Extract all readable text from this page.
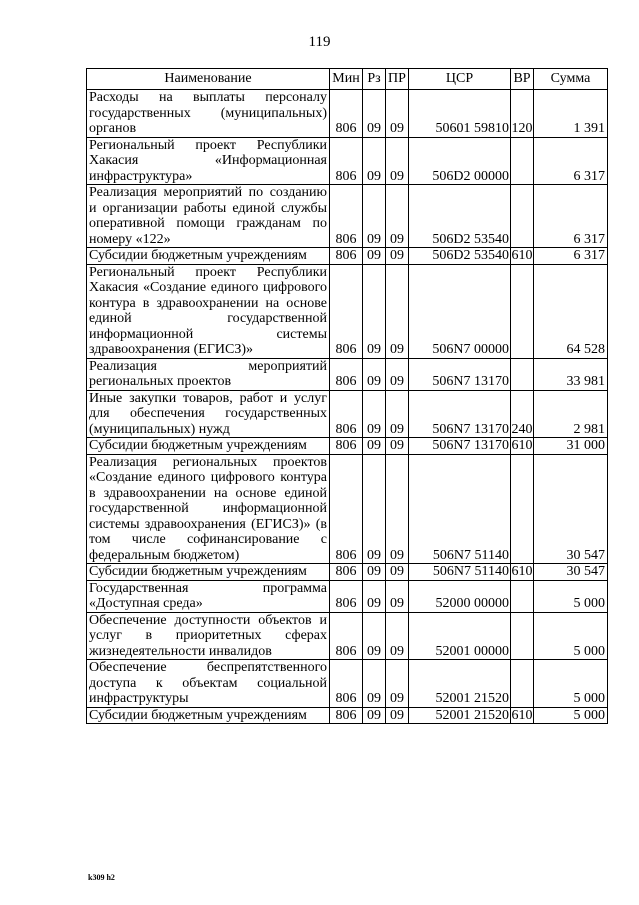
119
Наименование	Мин	Рз	ПР	ЦСР	ВР	Сумма
Расходы на выплаты персоналу государственных (муниципальных) органов	806	09	09	50601 59810	120	1 391
Региональный проект Республики Хакасия «Информационная инфраструктура»	806	09	09	506D2 00000		6 317
Реализация мероприятий по созданию и организации работы единой службы оперативной помощи гражданам по номеру «122»	806	09	09	506D2 53540		6 317
Субсидии бюджетным учреждениям	806	09	09	506D2 53540	610	6 317
Региональный проект Республики Хакасия «Создание единого цифрового контура в здравоохранении на основе единой государственной информационной системы здравоохранения (ЕГИСЗ)»	806	09	09	506N7 00000		64 528
Реализация мероприятий региональных проектов	806	09	09	506N7 13170		33 981
Иные закупки товаров, работ и услуг для обеспечения государственных (муниципальных) нужд	806	09	09	506N7 13170	240	2 981
Субсидии бюджетным учреждениям	806	09	09	506N7 13170	610	31 000
Реализация региональных проектов «Создание единого цифрового контура в здравоохранении на основе единой государственной информационной системы здравоохранения (ЕГИСЗ)» (в том числе софинансирование с федеральным бюджетом)	806	09	09	506N7 51140		30 547
Субсидии бюджетным учреждениям	806	09	09	506N7 51140	610	30 547
Государственная программа «Доступная среда»	806	09	09	52000 00000		5 000
Обеспечение доступности объектов и услуг в приоритетных сферах жизнедеятельности инвалидов	806	09	09	52001 00000		5 000
Обеспечение беспрепятственного доступа к объектам социальной инфраструктуры	806	09	09	52001 21520		5 000
Субсидии бюджетным учреждениям	806	09	09	52001 21520	610	5 000
k309 h2
